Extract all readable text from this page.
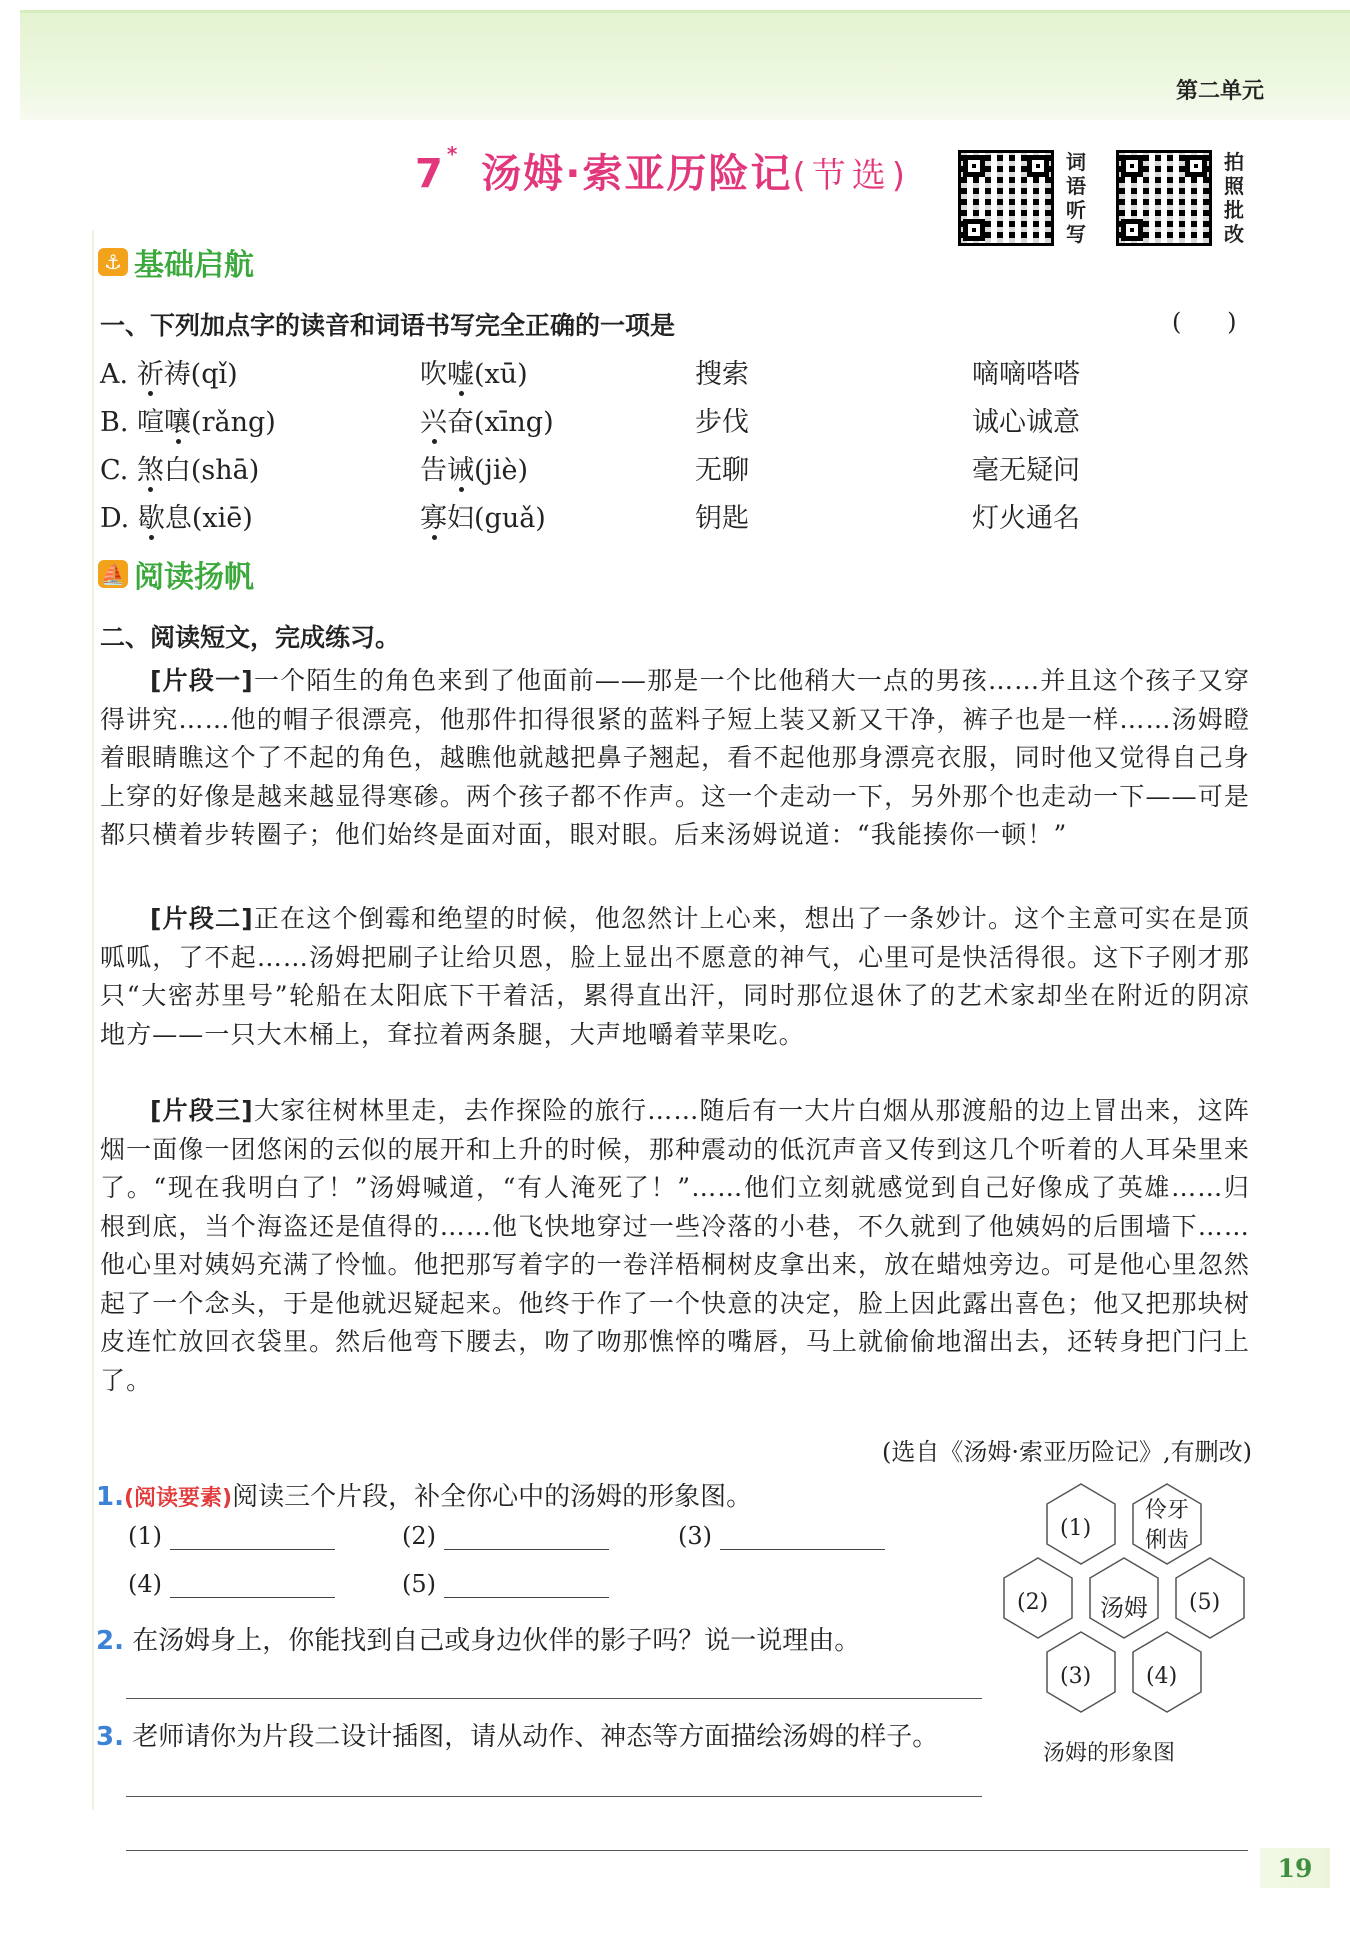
第二单元
7 * 汤姆·索亚历险记(节选)	词
语
听
写
拍
照
批
改
⚓ 基础启航
一、下列加点字的读音和词语书写完全正确的一项是	(      )
A. 祈祷(qǐ)	吹嘘(xū)	搜索	嘀嘀嗒嗒
B. 喧嚷(rǎng)	兴奋(xīng)	步伐	诚心诚意
C. 煞白(shā)	告诫(jiè)	无聊	毫无疑问
D. 歇息(xiē)	寡妇(guǎ)	钥匙	灯火通名
⛵ 阅读扬帆
二、阅读短文，完成练习。
[片段一]一个陌生的角色来到了他面前——那是一个比他稍大一点的男孩……并且这个孩子又穿得讲究……他的帽子很漂亮，他那件扣得很紧的蓝料子短上装又新又干净，裤子也是一样……汤姆瞪着眼睛瞧这个了不起的角色，越瞧他就越把鼻子翘起，看不起他那身漂亮衣服，同时他又觉得自己身上穿的好像是越来越显得寒碜。两个孩子都不作声。这一个走动一下，另外那个也走动一下——可是都只横着步转圈子；他们始终是面对面，眼对眼。后来汤姆说道：“我能揍你一顿！”
[片段二]正在这个倒霉和绝望的时候，他忽然计上心来，想出了一条妙计。这个主意可实在是顶呱呱，了不起……汤姆把刷子让给贝恩，脸上显出不愿意的神气，心里可是快活得很。这下子刚才那只“大密苏里号”轮船在太阳底下干着活，累得直出汗，同时那位退休了的艺术家却坐在附近的阴凉地方——一只大木桶上，耷拉着两条腿，大声地嚼着苹果吃。
[片段三]大家往树林里走，去作探险的旅行……随后有一大片白烟从那渡船的边上冒出来，这阵烟一面像一团悠闲的云似的展开和上升的时候，那种震动的低沉声音又传到这几个听着的人耳朵里来了。“现在我明白了！”汤姆喊道，“有人淹死了！”……他们立刻就感觉到自己好像成了英雄……归根到底，当个海盗还是值得的……他飞快地穿过一些冷落的小巷，不久就到了他姨妈的后围墙下……他心里对姨妈充满了怜恤。他把那写着字的一卷洋梧桐树皮拿出来，放在蜡烛旁边。可是他心里忽然起了一个念头，于是他就迟疑起来。他终于作了一个快意的决定，脸上因此露出喜色；他又把那块树皮连忙放回衣袋里。然后他弯下腰去，吻了吻那憔悴的嘴唇，马上就偷偷地溜出去，还转身把门闩上了。
(选自《汤姆·索亚历险记》,有删改)
1.(阅读要素)阅读三个片段，补全你心中的汤姆的形象图。
(1)	(2)	(3)
(4)	(5)
2. 在汤姆身上，你能找到自己或身边伙伴的影子吗？说一说理由。
3. 老师请你为片段二设计插图，请从动作、神态等方面描绘汤姆的样子。
(1)
伶牙俐齿
(2) 汤姆 (5)
(3) (4)
汤姆的形象图
19
